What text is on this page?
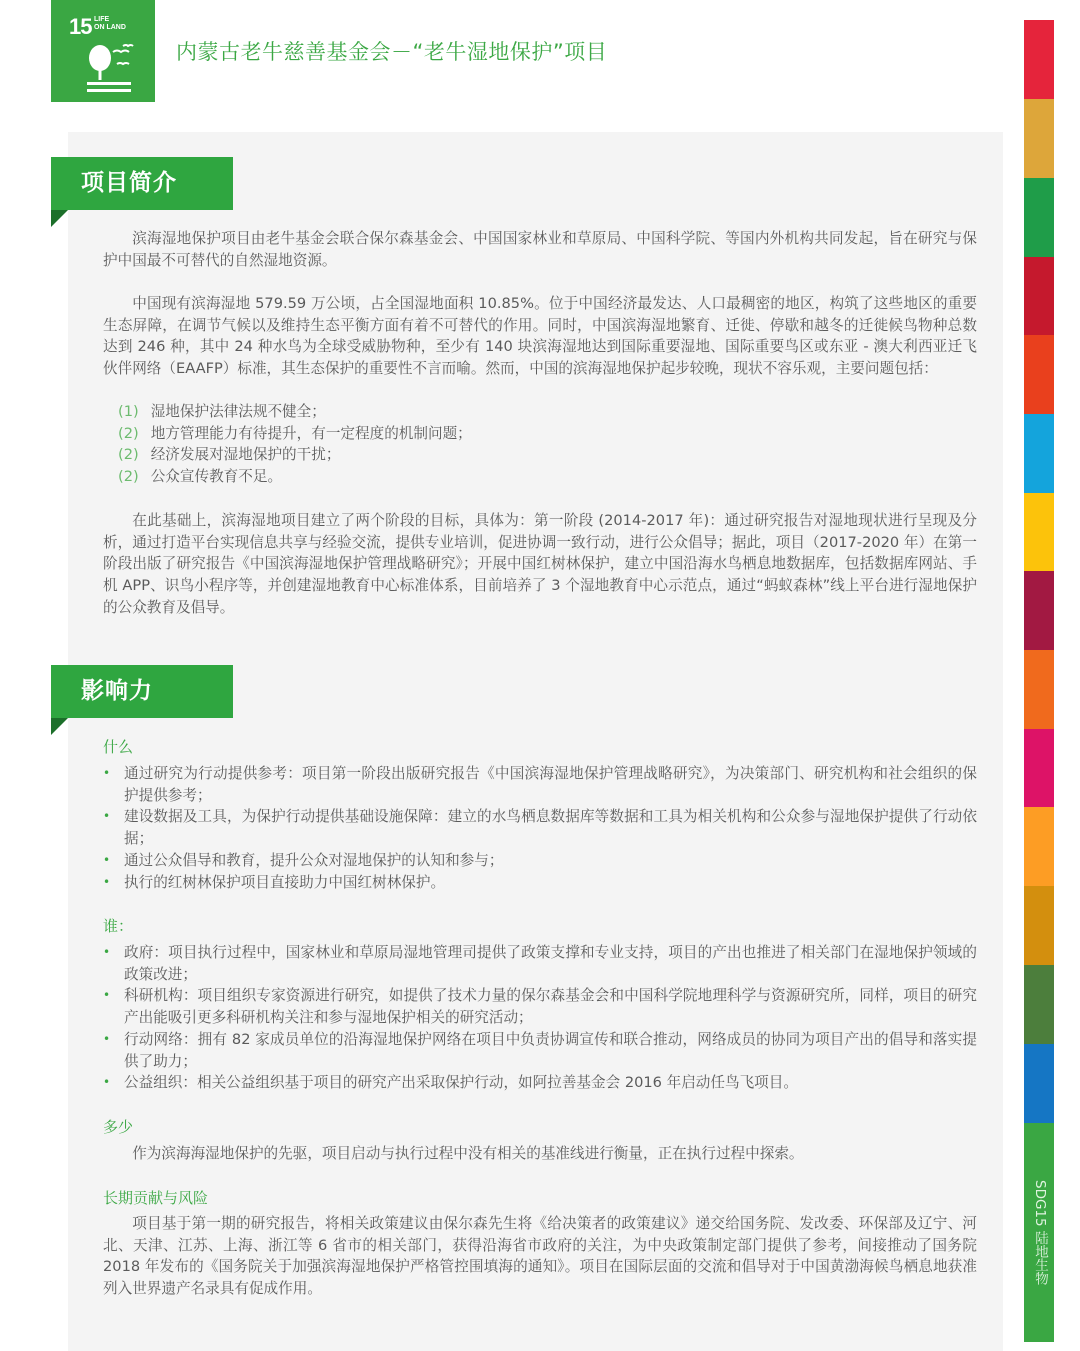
15 LIFE
ON LAND
内蒙古老牛慈善基金会－“老牛湿地保护”项目
项目简介

滨海湿地保护项目由老牛基金会联合保尔森基金会、中国国家林业和草原局、中国科学院、等国内外机构共同发起，旨在研究与保护中国最不可替代的自然湿地资源。

中国现有滨海湿地 579.59 万公顷，占全国湿地面积 10.85%。位于中国经济最发达、人口最稠密的地区，构筑了这些地区的重要生态屏障，在调节气候以及维持生态平衡方面有着不可替代的作用。同时，中国滨海湿地繁育、迁徙、停歇和越冬的迁徙候鸟物种总数达到 246 种，其中 24 种水鸟为全球受威胁物种，至少有 140 块滨海湿地达到国际重要湿地、国际重要鸟区或东亚 - 澳大利西亚迁飞伙伴网络（EAAFP）标准，其生态保护的重要性不言而喻。然而，中国的滨海湿地保护起步较晚，现状不容乐观，主要问题包括：

(1) 湿地保护法律法规不健全；
(2) 地方管理能力有待提升，有一定程度的机制问题；
(2) 经济发展对湿地保护的干扰；
(2) 公众宣传教育不足。

在此基础上，滨海湿地项目建立了两个阶段的目标，具体为：第一阶段 (2014-2017 年)：通过研究报告对湿地现状进行呈现及分析，通过打造平台实现信息共享与经验交流，提供专业培训，促进协调一致行动，进行公众倡导；据此，项目（2017-2020 年）在第一阶段出版了研究报告《中国滨海湿地保护管理战略研究》；开展中国红树林保护，建立中国沿海水鸟栖息地数据库，包括数据库网站、手机 APP、识鸟小程序等，并创建湿地教育中心标准体系，目前培养了 3 个湿地教育中心示范点，通过“蚂蚁森林”线上平台进行湿地保护的公众教育及倡导。

影响力
什么
• 通过研究为行动提供参考：项目第一阶段出版研究报告《中国滨海湿地保护管理战略研究》，为决策部门、研究机构和社会组织的保护提供参考；
• 建设数据及工具，为保护行动提供基础设施保障：建立的水鸟栖息数据库等数据和工具为相关机构和公众参与湿地保护提供了行动依据；
• 通过公众倡导和教育，提升公众对湿地保护的认知和参与；
• 执行的红树林保护项目直接助力中国红树林保护。
谁：
• 政府：项目执行过程中，国家林业和草原局湿地管理司提供了政策支撑和专业支持，项目的产出也推进了相关部门在湿地保护领域的政策改进；
• 科研机构：项目组织专家资源进行研究，如提供了技术力量的保尔森基金会和中国科学院地理科学与资源研究所，同样，项目的研究产出能吸引更多科研机构关注和参与湿地保护相关的研究活动；
• 行动网络：拥有 82 家成员单位的沿海湿地保护网络在项目中负责协调宣传和联合推动，网络成员的协同为项目产出的倡导和落实提供了助力；
• 公益组织：相关公益组织基于项目的研究产出采取保护行动，如阿拉善基金会 2016 年启动任鸟飞项目。
多少

作为滨海海湿地保护的先驱，项目启动与执行过程中没有相关的基准线进行衡量，正在执行过程中探索。

长期贡献与风险

项目基于第一期的研究报告，将相关政策建议由保尔森先生将《给决策者的政策建议》递交给国务院、发改委、环保部及辽宁、河北、天津、江苏、上海、浙江等 6 省市的相关部门，获得沿海省市政府的关注，为中央政策制定部门提供了参考，间接推动了国务院 2018 年发布的《国务院关于加强滨海湿地保护严格管控围填海的通知》。项目在国际层面的交流和倡导对于中国黄渤海候鸟栖息地获准列入世界遗产名录具有促成作用。

SDG15 陆地生物
